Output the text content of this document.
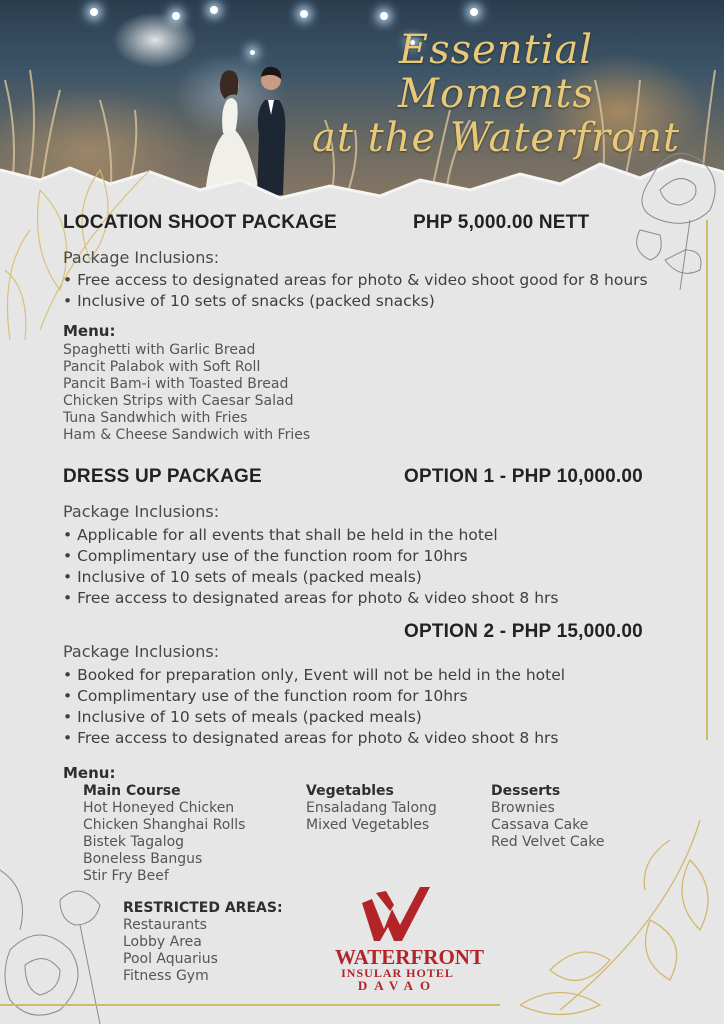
Essential Moments
at the Waterfront
LOCATION SHOOT PACKAGE	PHP 5,000.00 NETT
Package Inclusions:
• Free access to designated areas for photo & video shoot good for 8 hours
• Inclusive of 10 sets of snacks (packed snacks)
Menu:
Spaghetti with Garlic Bread
Pancit Palabok with Soft Roll
Pancit Bam-i with Toasted Bread
Chicken Strips with Caesar Salad
Tuna Sandwhich with Fries
Ham & Cheese Sandwich with Fries
DRESS UP PACKAGE	OPTION 1 - PHP 10,000.00
Package Inclusions:
• Applicable for all events that shall be held in the hotel
• Complimentary use of the function room for 10hrs
• Inclusive of 10 sets of meals (packed meals)
• Free access to designated areas for photo & video shoot 8 hrs
OPTION 2 - PHP 15,000.00
Package Inclusions:
• Booked for preparation only, Event will not be held in the hotel
• Complimentary use of the function room for 10hrs
• Inclusive of 10 sets of meals (packed meals)
• Free access to designated areas for photo & video shoot 8 hrs
Menu:
Main Course
Hot Honeyed Chicken
Chicken Shanghai Rolls
Bistek Tagalog
Boneless Bangus
Stir Fry Beef
Vegetables
Ensaladang Talong
Mixed Vegetables
Desserts
Brownies
Cassava Cake
Red Velvet Cake
RESTRICTED AREAS:
Restaurants
Lobby Area
Pool Aquarius
Fitness Gym
WATERFRONT
INSULAR HOTEL
DAVAO
